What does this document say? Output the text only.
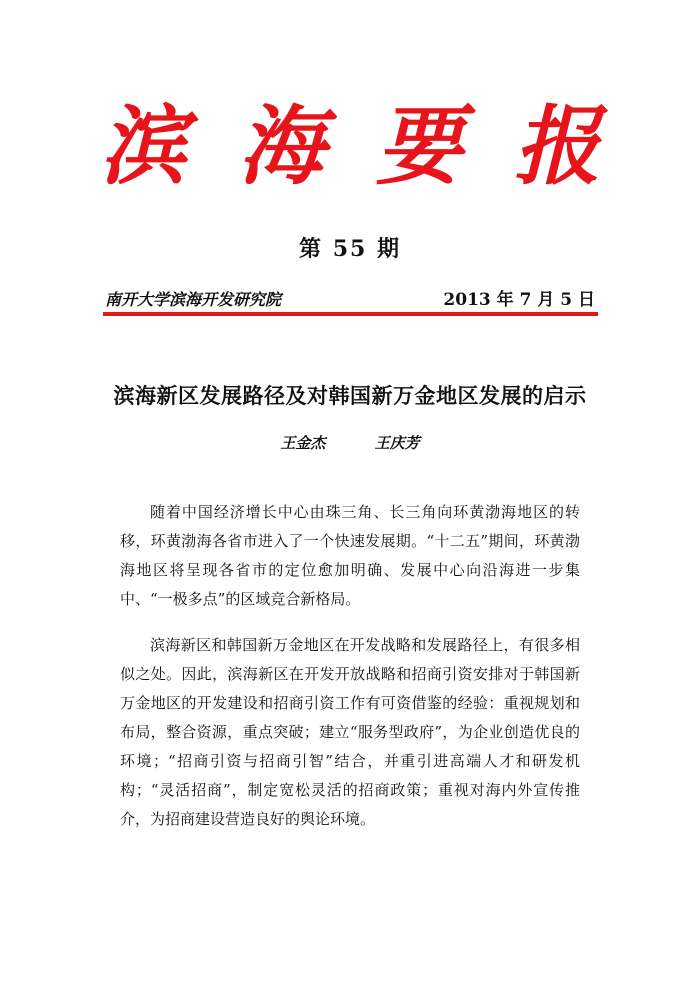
滨 海 要 报
第 55 期
南开大学滨海开发研究院	2013 年 7 月 5 日
滨海新区发展路径及对韩国新万金地区发展的启示
王金杰	王庆芳

随着中国经济增长中心由珠三角、长三角向环黄渤海地区的转移，环黄渤海各省市进入了一个快速发展期。“十二五”期间，环黄渤海地区将呈现各省市的定位愈加明确、发展中心向沿海进一步集中、“一极多点”的区域竞合新格局。

滨海新区和韩国新万金地区在开发战略和发展路径上，有很多相似之处。因此，滨海新区在开发开放战略和招商引资安排对于韩国新万金地区的开发建设和招商引资工作有可资借鉴的经验：重视规划和布局，整合资源，重点突破；建立“服务型政府”，为企业创造优良的环境；“招商引资与招商引智”结合，并重引进高端人才和研发机构；“灵活招商”，制定宽松灵活的招商政策；重视对海内外宣传推介，为招商建设营造良好的舆论环境。
